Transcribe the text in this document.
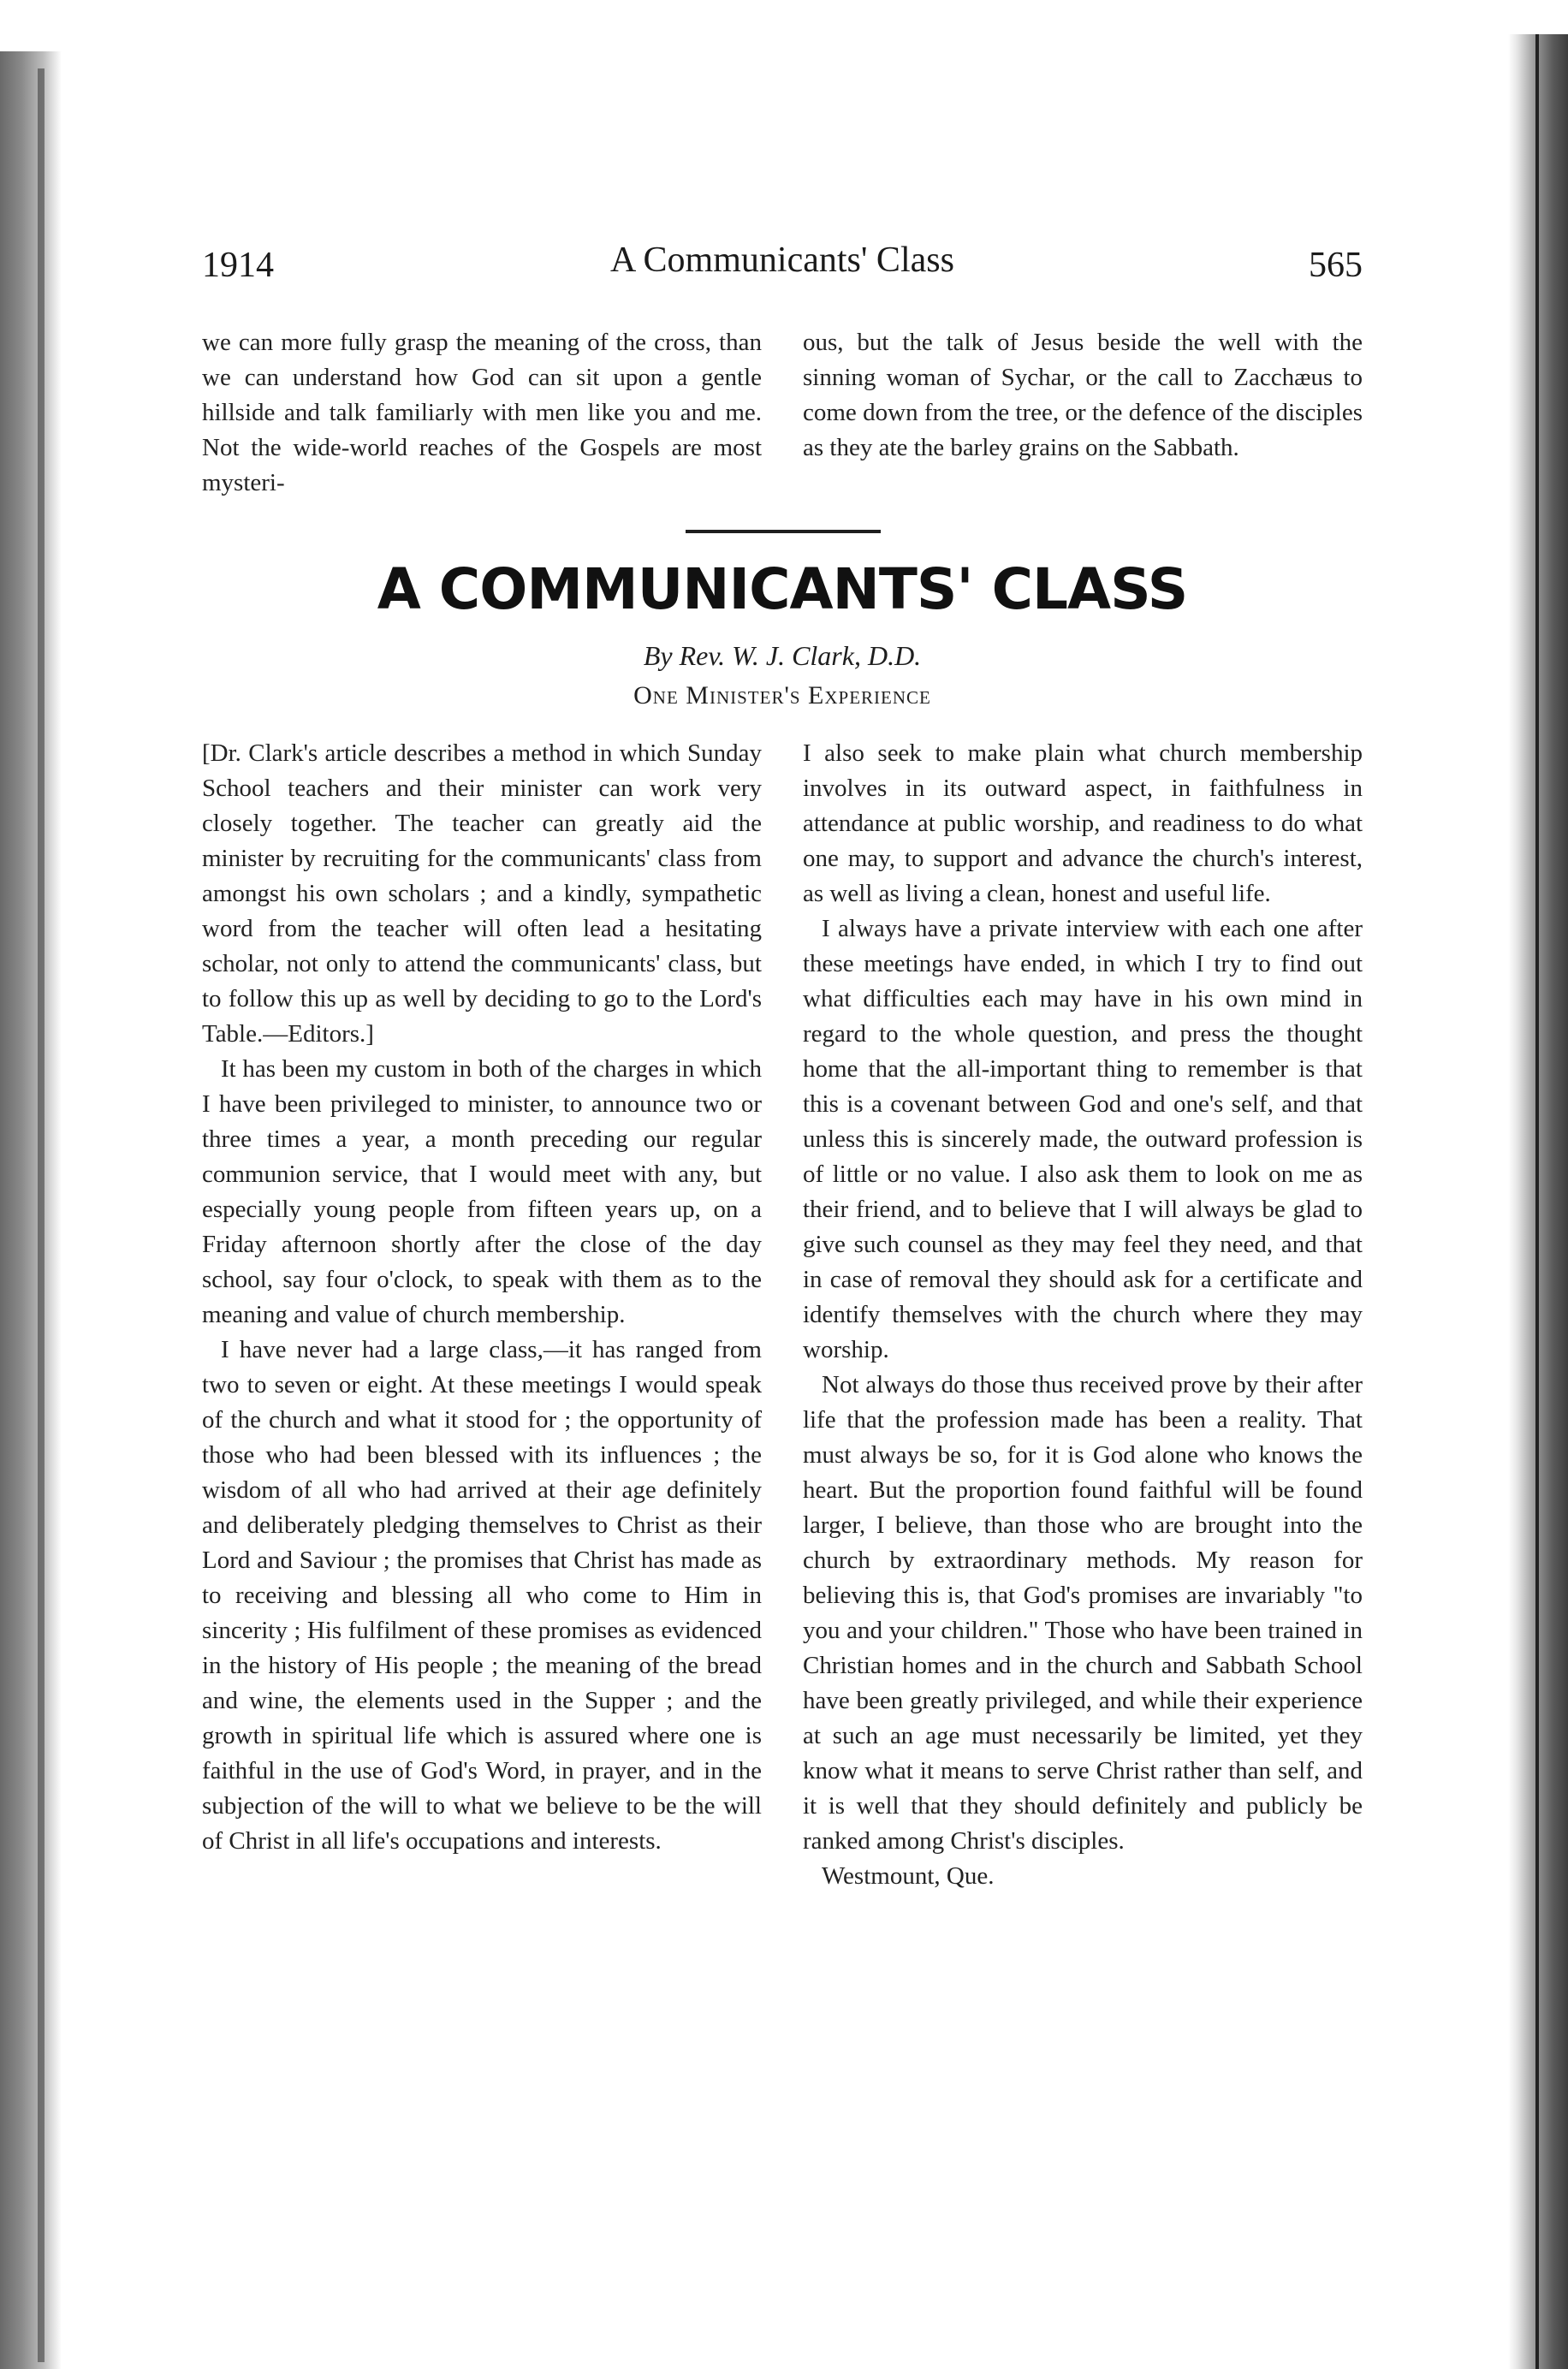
1914	A Communicants' Class	565

we can more fully grasp the meaning of the cross, than we can understand how God can sit upon a gentle hillside and talk familiarly with men like you and me. Not the wide-world reaches of the Gospels are most mysteri-

ous, but the talk of Jesus beside the well with the sinning woman of Sychar, or the call to Zacchæus to come down from the tree, or the defence of the disciples as they ate the barley grains on the Sabbath.

A COMMUNICANTS' CLASS
By Rev. W. J. Clark, D.D.
One Minister's Experience

[Dr. Clark's article describes a method in which Sunday School teachers and their minister can work very closely together. The teacher can greatly aid the minister by recruiting for the communicants' class from amongst his own scholars ; and a kindly, sympathetic word from the teacher will often lead a hesitating scholar, not only to attend the communicants' class, but to follow this up as well by deciding to go to the Lord's Table.—Editors.]

It has been my custom in both of the charges in which I have been privileged to minister, to announce two or three times a year, a month preceding our regular communion service, that I would meet with any, but especially young people from fifteen years up, on a Friday afternoon shortly after the close of the day school, say four o'clock, to speak with them as to the meaning and value of church membership.

I have never had a large class,—it has ranged from two to seven or eight. At these meetings I would speak of the church and what it stood for ; the opportunity of those who had been blessed with its influences ; the wisdom of all who had arrived at their age definitely and deliberately pledging themselves to Christ as their Lord and Saviour ; the promises that Christ has made as to receiving and blessing all who come to Him in sincerity ; His fulfilment of these promises as evidenced in the history of His people ; the meaning of the bread and wine, the elements used in the Supper ; and the growth in spiritual life which is assured where one is faithful in the use of God's Word, in prayer, and in the subjection of the will to what we believe to be the will of Christ in all life's occupations and interests.

I also seek to make plain what church membership involves in its outward aspect, in faithfulness in attendance at public worship, and readiness to do what one may, to support and advance the church's interest, as well as living a clean, honest and useful life.

I always have a private interview with each one after these meetings have ended, in which I try to find out what difficulties each may have in his own mind in regard to the whole question, and press the thought home that the all-important thing to remember is that this is a covenant between God and one's self, and that unless this is sincerely made, the outward profession is of little or no value. I also ask them to look on me as their friend, and to believe that I will always be glad to give such counsel as they may feel they need, and that in case of removal they should ask for a certificate and identify themselves with the church where they may worship.

Not always do those thus received prove by their after life that the profession made has been a reality. That must always be so, for it is God alone who knows the heart. But the proportion found faithful will be found larger, I believe, than those who are brought into the church by extraordinary methods. My reason for believing this is, that God's promises are invariably "to you and your children." Those who have been trained in Christian homes and in the church and Sabbath School have been greatly privileged, and while their experience at such an age must necessarily be limited, yet they know what it means to serve Christ rather than self, and it is well that they should definitely and publicly be ranked among Christ's disciples.

Westmount, Que.
